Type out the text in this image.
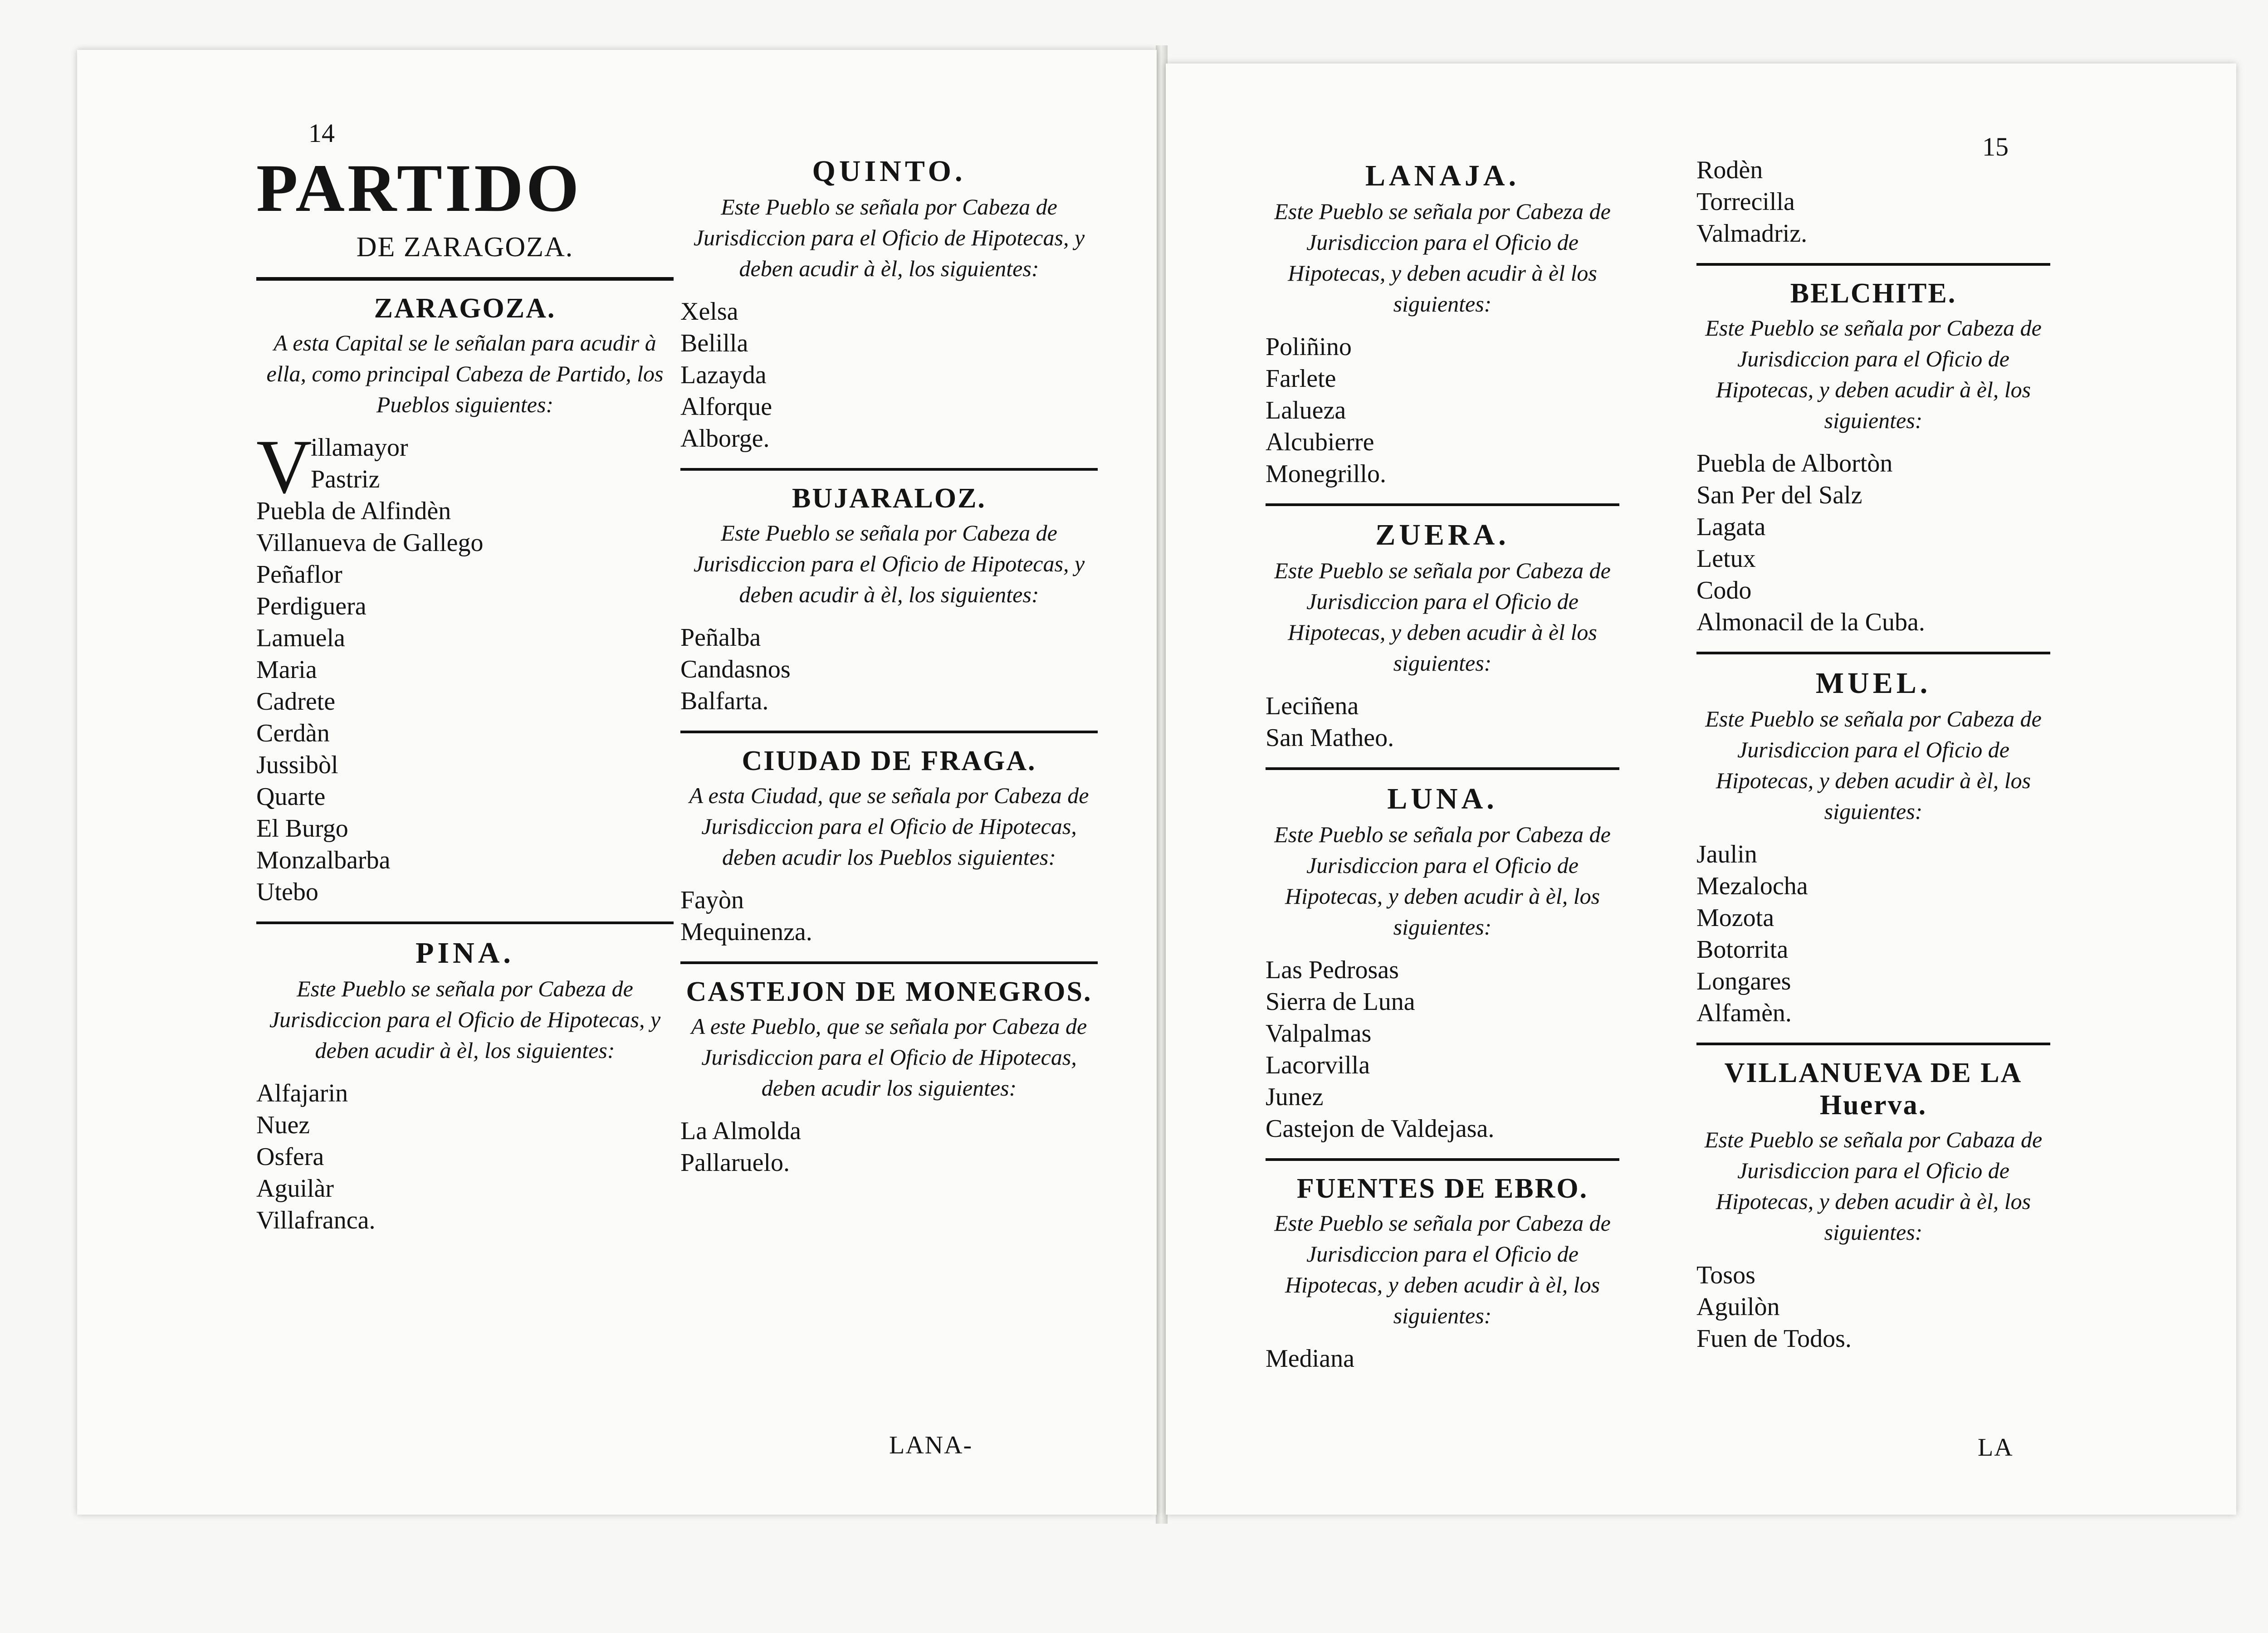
14
PARTIDO
DE ZARAGOZA.
ZARAGOZA.

A esta Capital se le señalan para acudir à ella, como principal Cabeza de Partido, los Pueblos siguientes:

V
illamayor
Pastriz
Puebla de Alfindèn
Villanueva de Gallego
Peñaflor
Perdiguera
Lamuela
Maria
Cadrete
Cerdàn
Jussibòl
Quarte
El Burgo
Monzalbarba
Utebo
PINA.

Este Pueblo se señala por Cabeza de Jurisdiccion para el Oficio de Hipotecas, y deben acudir à èl, los siguientes:

Alfajarin
Nuez
Osfera
Aguilàr
Villafranca.
QUINTO.

Este Pueblo se señala por Cabeza de Jurisdiccion para el Oficio de Hipotecas, y deben acudir à èl, los siguientes:

Xelsa
Belilla
Lazayda
Alforque
Alborge.
BUJARALOZ.

Este Pueblo se señala por Cabeza de Jurisdiccion para el Oficio de Hipotecas, y deben acudir à èl, los siguientes:

Peñalba
Candasnos
Balfarta.
CIUDAD DE FRAGA.

A esta Ciudad, que se señala por Cabeza de Jurisdiccion para el Oficio de Hipotecas, deben acudir los Pueblos siguientes:

Fayòn
Mequinenza.
CASTEJON DE MONEGROS.

A este Pueblo, que se señala por Cabeza de Jurisdiccion para el Oficio de Hipotecas, deben acudir los siguientes:

La Almolda
Pallaruelo.
LANA-
15
LANAJA.

Este Pueblo se señala por Cabeza de Jurisdiccion para el Oficio de Hipotecas, y deben acudir à èl los siguientes:

Poliñino
Farlete
Lalueza
Alcubierre
Monegrillo.
ZUERA.

Este Pueblo se señala por Cabeza de Jurisdiccion para el Oficio de Hipotecas, y deben acudir à èl los siguientes:

Leciñena
San Matheo.
LUNA.

Este Pueblo se señala por Cabeza de Jurisdiccion para el Oficio de Hipotecas, y deben acudir à èl, los siguientes:

Las Pedrosas
Sierra de Luna
Valpalmas
Lacorvilla
Junez
Castejon de Valdejasa.
FUENTES DE EBRO.

Este Pueblo se señala por Cabeza de Jurisdiccion para el Oficio de Hipotecas, y deben acudir à èl, los siguientes:

Mediana
Rodèn
Torrecilla
Valmadriz.
BELCHITE.

Este Pueblo se señala por Cabeza de Jurisdiccion para el Oficio de Hipotecas, y deben acudir à èl, los siguientes:

Puebla de Albortòn
San Per del Salz
Lagata
Letux
Codo
Almonacil de la Cuba.
MUEL.

Este Pueblo se señala por Cabeza de Jurisdiccion para el Oficio de Hipotecas, y deben acudir à èl, los siguientes:

Jaulin
Mezalocha
Mozota
Botorrita
Longares
Alfamèn.
VILLANUEVA DE LA Huerva.

Este Pueblo se señala por Cabaza de Jurisdiccion para el Oficio de Hipotecas, y deben acudir à èl, los siguientes:

Tosos
Aguilòn
Fuen de Todos.
LA
